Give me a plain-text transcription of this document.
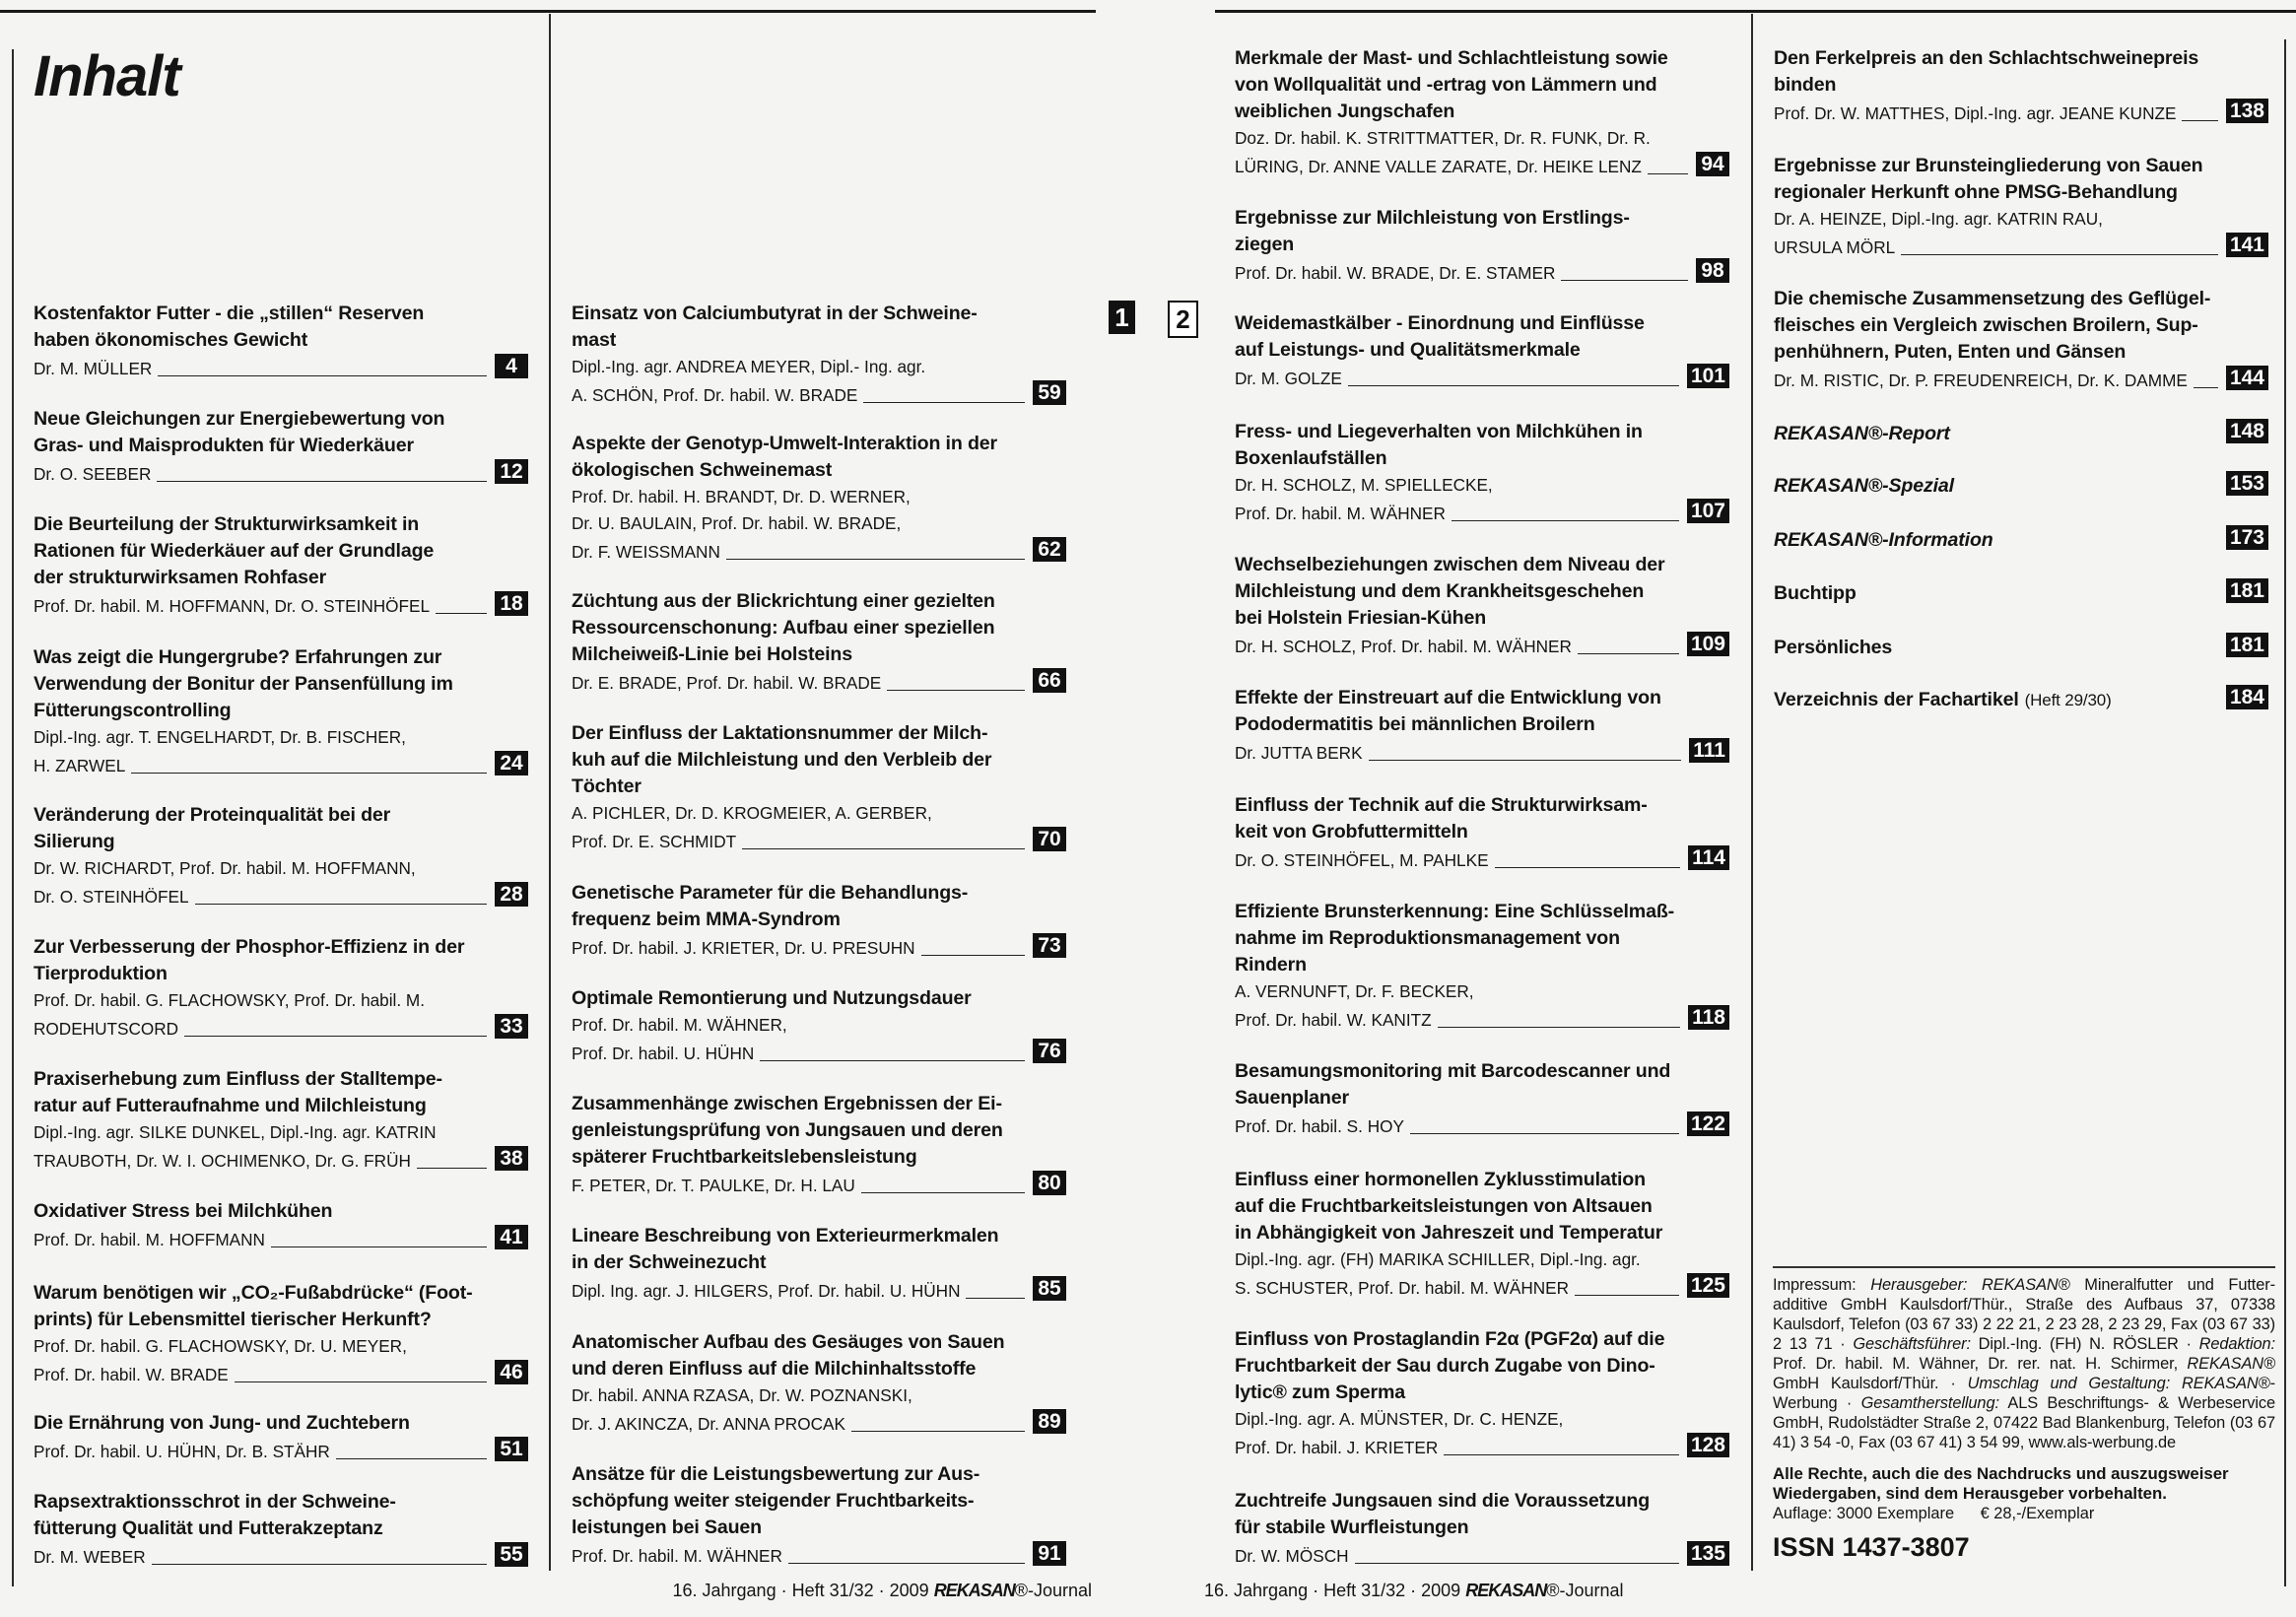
Inhalt
1	2
Kostenfaktor Futter - die „stillen“ Reserven
haben ökonomisches Gewicht
Dr. M. MÜLLER	4
Neue Gleichungen zur Energiebewertung von
Gras- und Maisprodukten für Wiederkäuer
Dr. O. SEEBER	12
Die Beurteilung der Strukturwirksamkeit in
Rationen für Wiederkäuer auf der Grundlage
der strukturwirksamen Rohfaser
Prof. Dr. habil. M. HOFFMANN, Dr. O. STEINHÖFEL	18
Was zeigt die Hungergrube? Erfahrungen zur
Verwendung der Bonitur der Pansenfüllung im
Fütterungscontrolling
Dipl.-Ing. agr. T. ENGELHARDT, Dr. B. FISCHER,
H. ZARWEL	24
Veränderung der Proteinqualität bei der
Silierung
Dr. W. RICHARDT, Prof. Dr. habil. M. HOFFMANN,
Dr. O. STEINHÖFEL	28
Zur Verbesserung der Phosphor-Effizienz in der
Tierproduktion
Prof. Dr. habil. G. FLACHOWSKY, Prof. Dr. habil. M.
RODEHUTSCORD	33
Praxiserhebung zum Einfluss der Stalltempe-
ratur auf Futteraufnahme und Milchleistung
Dipl.-Ing. agr. SILKE DUNKEL, Dipl.-Ing. agr. KATRIN
TRAUBOTH, Dr. W. I. OCHIMENKO, Dr. G. FRÜH	38
Oxidativer Stress bei Milchkühen
Prof. Dr. habil. M. HOFFMANN	41
Warum benötigen wir „CO₂-Fußabdrücke“ (Foot-
prints) für Lebensmittel tierischer Herkunft?
Prof. Dr. habil. G. FLACHOWSKY, Dr. U. MEYER,
Prof. Dr. habil. W. BRADE	46
Die Ernährung von Jung- und Zuchtebern
Prof. Dr. habil. U. HÜHN, Dr. B. STÄHR	51
Rapsextraktionsschrot in der Schweine-
fütterung Qualität und Futterakzeptanz
Dr. M. WEBER	55
Einsatz von Calciumbutyrat in der Schweine-
mast
Dipl.-Ing. agr. ANDREA MEYER, Dipl.- Ing. agr.
A. SCHÖN, Prof. Dr. habil. W. BRADE	59
Aspekte der Genotyp-Umwelt-Interaktion in der
ökologischen Schweinemast
Prof. Dr. habil. H. BRANDT, Dr. D. WERNER,
Dr. U. BAULAIN, Prof. Dr. habil. W. BRADE,
Dr. F. WEISSMANN	62
Züchtung aus der Blickrichtung einer gezielten
Ressourcenschonung: Aufbau einer speziellen
Milcheiweiß-Linie bei Holsteins
Dr. E. BRADE, Prof. Dr. habil. W. BRADE	66
Der Einfluss der Laktationsnummer der Milch-
kuh auf die Milchleistung und den Verbleib der
Töchter
A. PICHLER, Dr. D. KROGMEIER, A. GERBER,
Prof. Dr. E. SCHMIDT	70
Genetische Parameter für die Behandlungs-
frequenz beim MMA-Syndrom
Prof. Dr. habil. J. KRIETER, Dr. U. PRESUHN	73
Optimale Remontierung und Nutzungsdauer
Prof. Dr. habil. M. WÄHNER,
Prof. Dr. habil. U. HÜHN	76
Zusammenhänge zwischen Ergebnissen der Ei-
genleistungsprüfung von Jungsauen und deren
späterer Fruchtbarkeitslebensleistung
F. PETER, Dr. T. PAULKE, Dr. H. LAU	80
Lineare Beschreibung von Exterieurmerkmalen
in der Schweinezucht
Dipl. Ing. agr. J. HILGERS, Prof. Dr. habil. U. HÜHN	85
Anatomischer Aufbau des Gesäuges von Sauen
und deren Einfluss auf die Milchinhaltsstoffe
Dr. habil. ANNA RZASA, Dr. W. POZNANSKI,
Dr. J. AKINCZA, Dr. ANNA PROCAK	89
Ansätze für die Leistungsbewertung zur Aus-
schöpfung weiter steigender Fruchtbarkeits-
leistungen bei Sauen
Prof. Dr. habil. M. WÄHNER	91
Merkmale der Mast- und Schlachtleistung sowie
von Wollqualität und -ertrag von Lämmern und
weiblichen Jungschafen
Doz. Dr. habil. K. STRITTMATTER, Dr. R. FUNK, Dr. R.
LÜRING, Dr. ANNE VALLE ZARATE, Dr. HEIKE LENZ	94
Ergebnisse zur Milchleistung von Erstlings-
ziegen
Prof. Dr. habil. W. BRADE, Dr. E. STAMER	98
Weidemastkälber - Einordnung und Einflüsse
auf Leistungs- und Qualitätsmerkmale
Dr. M. GOLZE	101
Fress- und Liegeverhalten von Milchkühen in
Boxenlaufställen
Dr. H. SCHOLZ, M. SPIELLECKE,
Prof. Dr. habil. M. WÄHNER	107
Wechselbeziehungen zwischen dem Niveau der
Milchleistung und dem Krankheitsgeschehen
bei Holstein Friesian-Kühen
Dr. H. SCHOLZ, Prof. Dr. habil. M. WÄHNER	109
Effekte der Einstreuart auf die Entwicklung von
Pododermatitis bei männlichen Broilern
Dr. JUTTA BERK	111
Einfluss der Technik auf die Strukturwirksam-
keit von Grobfuttermitteln
Dr. O. STEINHÖFEL, M. PAHLKE	114
Effiziente Brunsterkennung: Eine Schlüsselmaß-
nahme im Reproduktionsmanagement von
Rindern
A. VERNUNFT, Dr. F. BECKER,
Prof. Dr. habil. W. KANITZ	118
Besamungsmonitoring mit Barcodescanner und
Sauenplaner
Prof. Dr. habil. S. HOY	122
Einfluss einer hormonellen Zyklusstimulation
auf die Fruchtbarkeitsleistungen von Altsauen
in Abhängigkeit von Jahreszeit und Temperatur
Dipl.-Ing. agr. (FH) MARIKA SCHILLER, Dipl.-Ing. agr.
S. SCHUSTER, Prof. Dr. habil. M. WÄHNER	125
Einfluss von Prostaglandin F2α (PGF2α) auf die
Fruchtbarkeit der Sau durch Zugabe von Dino-
lytic® zum Sperma
Dipl.-Ing. agr. A. MÜNSTER, Dr. C. HENZE,
Prof. Dr. habil. J. KRIETER	128
Zuchtreife Jungsauen sind die Voraussetzung
für stabile Wurfleistungen
Dr. W. MÖSCH	135
Den Ferkelpreis an den Schlachtschweinepreis
binden
Prof. Dr. W. MATTHES, Dipl.-Ing. agr. JEANE KUNZE	138
Ergebnisse zur Brunsteingliederung von Sauen
regionaler Herkunft ohne PMSG-Behandlung
Dr. A. HEINZE, Dipl.-Ing. agr. KATRIN RAU,
URSULA MÖRL	141
Die chemische Zusammensetzung des Geflügel-
fleisches ein Vergleich zwischen Broilern, Sup-
penhühnern, Puten, Enten und Gänsen
Dr. M. RISTIC, Dr. P. FREUDENREICH, Dr. K. DAMME 144
REKASAN®-Report	148
REKASAN®-Spezial	153
REKASAN®-Information	173
Buchtipp	181
Persönliches	181
Verzeichnis der Fachartikel (Heft 29/30)	184
Impressum: Herausgeber: REKASAN® Mineralfutter und Futter-additive GmbH Kaulsdorf/Thür., Straße des Aufbaus 37, 07338 Kaulsdorf, Telefon (03 67 33) 2 22 21, 2 23 28, 2 23 29, Fax (03 67 33) 2 13 71 · Geschäftsführer: Dipl.-Ing. (FH) N. RÖSLER · Redaktion: Prof. Dr. habil. M. Wähner, Dr. rer. nat. H. Schirmer, REKASAN® GmbH Kaulsdorf/Thür. · Umschlag und Gestaltung: REKASAN®-Werbung · Gesamtherstellung: ALS Beschriftungs- & Werbeservice GmbH, Rudolstädter Straße 2, 07422 Bad Blankenburg, Telefon (03 67 41) 3 54 -0, Fax (03 67 41) 3 54 99, www.als-werbung.de
Alle Rechte, auch die des Nachdrucks und auszugsweiser Wiedergaben, sind dem Herausgeber vorbehalten.
Auflage: 3000 Exemplare € 28,-/Exemplar
ISSN 1437-3807
16. Jahrgang · Heft 31/32 · 2009 REKASAN®-Journal	16. Jahrgang · Heft 31/32 · 2009 REKASAN®-Journal
